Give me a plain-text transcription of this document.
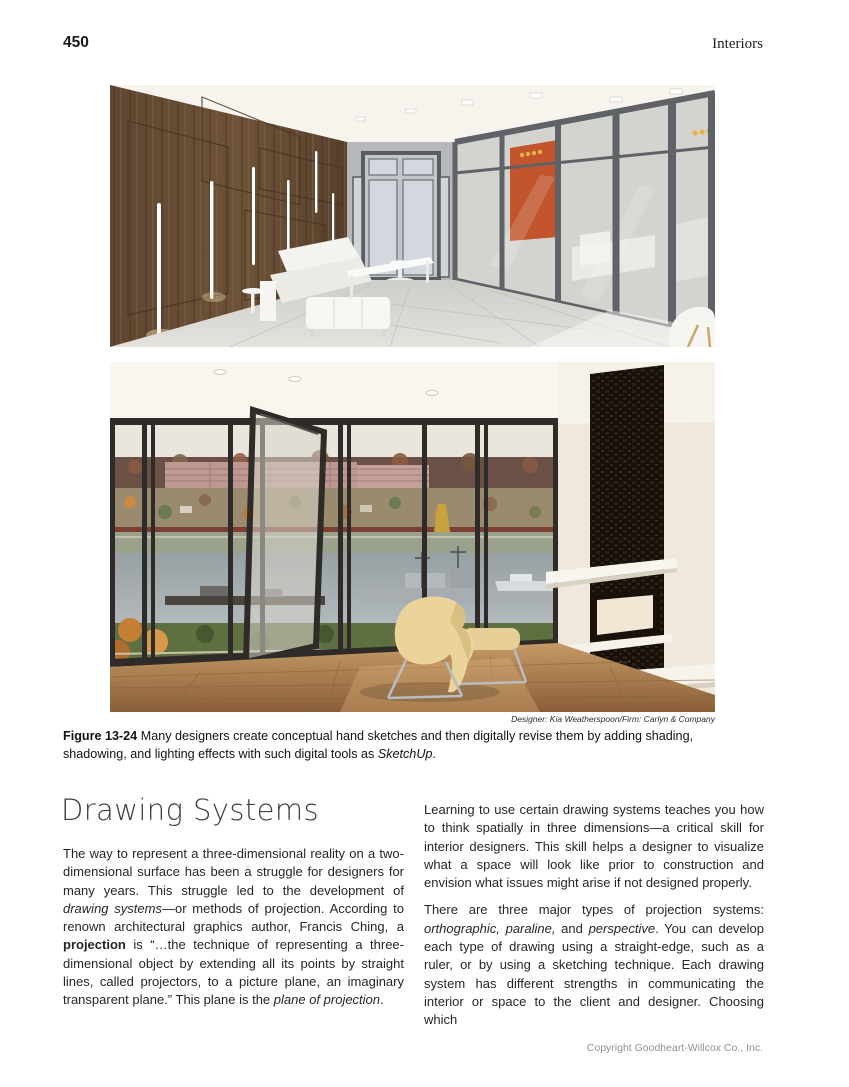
450	Interiors
Designer: Kia Weatherspoon/Firm: Carlyn & Company
Figure 13-24 Many designers create conceptual hand sketches and then digitally revise them by adding shading, shadowing, and lighting effects with such digital tools as SketchUp.
Drawing Systems

The way to represent a three-dimensional reality on a two-dimensional surface has been a struggle for designers for many years. This struggle led to the development of drawing systems—or methods of projection. According to renown architectural graphics author, Francis Ching, a projection is “…the technique of representing a three-dimensional object by extending all its points by straight lines, called projectors, to a picture plane, an imaginary transparent plane.” This plane is the plane of projection.

Learning to use certain drawing systems teaches you how to think spatially in three dimensions—a critical skill for interior designers. This skill helps a designer to visualize what a space will look like prior to construction and envision what issues might arise if not designed properly.

There are three major types of projection systems: orthographic, paraline, and perspective. You can develop each type of drawing using a straight-edge, such as a ruler, or by using a sketching technique. Each drawing system has different strengths in communicating the interior or space to the client and designer. Choosing which

Copyright Goodheart-Willcox Co., Inc.
